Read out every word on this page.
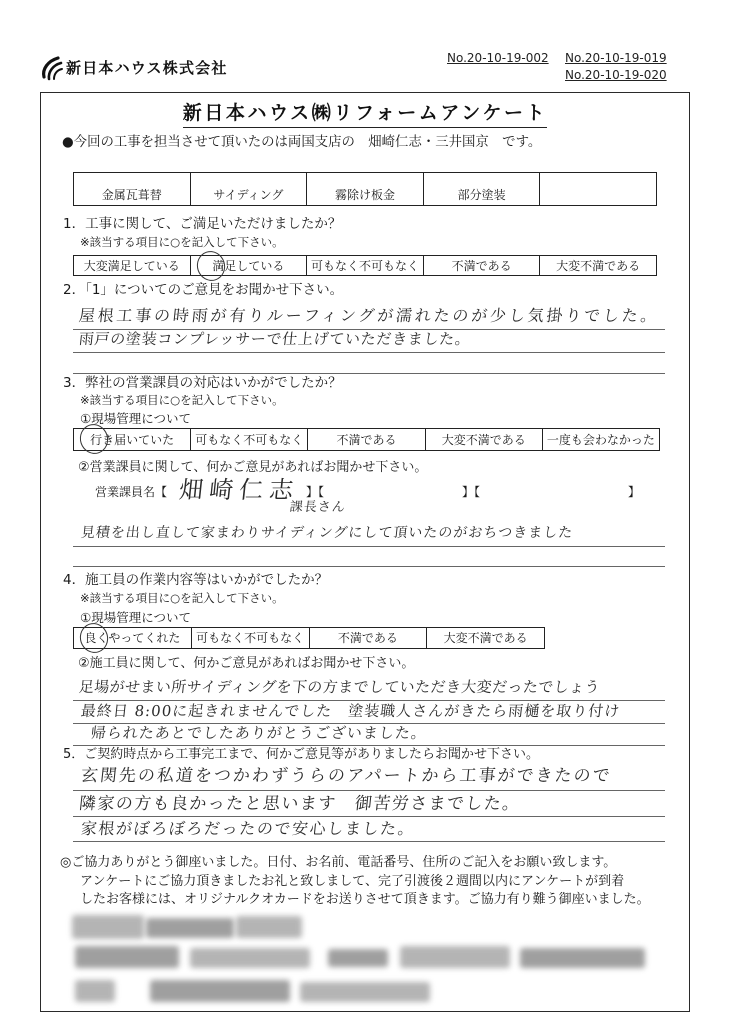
新日本ハウス株式会社
No.20-10-19-002 No.20-10-19-019
No.20-10-19-020
新日本ハウス㈱リフォームアンケート
●今回の工事を担当させて頂いたのは両国支店の　畑崎仁志・三井国京　です。
金属瓦葺替	サイディング	霧除け板金	部分塗装
1．工事に関して、ご満足いただけましたか？
※該当する項目に○を記入して下さい。
大変満足している	満足している	可もなく不可もなく	不満である	大変不満である
2．「1」についてのご意見をお聞かせ下さい。
屋根工事の時雨が有りルーフィングが濡れたのが少し気掛りでした。
雨戸の塗装コンプレッサーで仕上げていただきました。
3．弊社の営業課員の対応はいかがでしたか？
※該当する項目に○を記入して下さい。
①現場管理について
行き届いていた	可もなく不可もなく	不満である	大変不満である	一度も会わなかった
②営業課員に関して、何かご意見があればお聞かせ下さい。
営業課員名【 畑崎仁志
課長さん
】【	】【	】
見積を出し直して家まわりサイディングにして頂いたのがおちつきました
4．施工員の作業内容等はいかがでしたか？
※該当する項目に○を記入して下さい。
①現場管理について
良くやってくれた	可もなく不可もなく	不満である	大変不満である
②施工員に関して、何かご意見があればお聞かせ下さい。
足場がせまい所サイディングを下の方までしていただき大変だったでしょう
最終日 8:00に起きれませんでした　塗装職人さんがきたら雨樋を取り付け
帰られたあとでしたありがとうございました。
5．ご契約時点から工事完工まで、何かご意見等がありましたらお聞かせ下さい。
玄関先の私道をつかわずうらのアパートから工事ができたので
隣家の方も良かったと思います　御苦労さまでした。
家根がぼろぼろだったので安心しました。
◎ご協力ありがとう御座いました。日付、お名前、電話番号、住所のご記入をお願い致します。
アンケートにご協力頂きましたお礼と致しまして、完了引渡後２週間以内にアンケートが到着
したお客様には、オリジナルクオカードをお送りさせて頂きます。ご協力有り難う御座いました。
